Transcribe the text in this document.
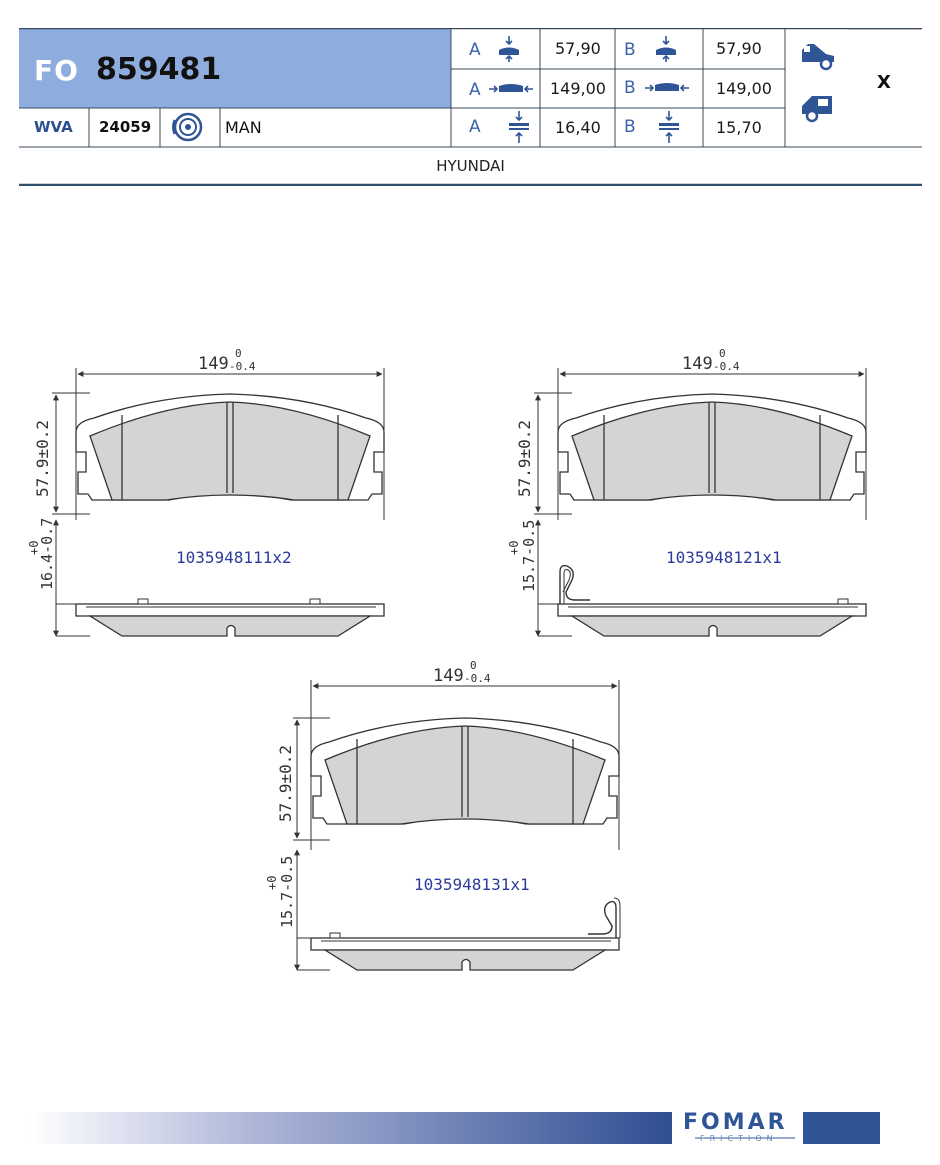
FO 859481
WVA 24059	MAN
A	57,90 B	57,90
A	149,00 B	149,00
A	16,40 B	15,70
X
HYUNDAI
149
0
-0.4
57.9±0.2
1035948111x2
+0
16.4-0.7
149
0
-0.4
57.9±0.2
1035948121x1
+0 15.7-0.5
149
0
-0.4
57.9±0.2
1035948131x1
+0 15.7-0.5
FOMAR
FRICTION
